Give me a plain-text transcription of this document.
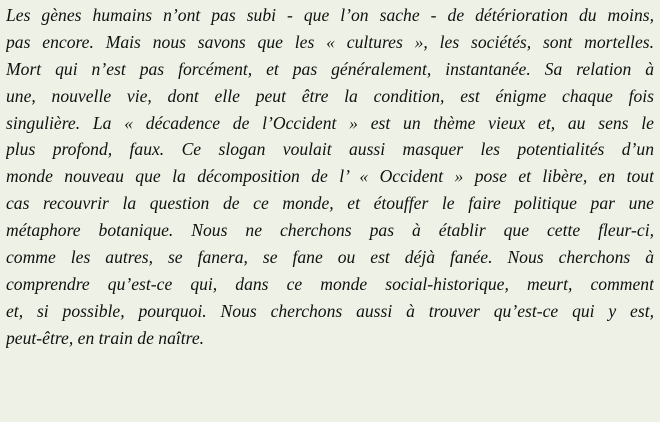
Les gènes humains n’ont pas subi - que l’on sache - de détérioration du moins,
pas encore. Mais nous savons que les « cultures », les sociétés, sont mortelles.
Mort qui n’est pas forcément, et pas généralement, instantanée. Sa relation à
une, nouvelle vie, dont elle peut être la condition, est énigme chaque fois
singulière. La « décadence de l’Occident » est un thème vieux et, au sens le
plus profond, faux. Ce slogan voulait aussi masquer les potentialités d’un
monde nouveau que la décomposition de l’ « Occident » pose et libère, en tout
cas recouvrir la question de ce monde, et étouffer le faire politique par une
métaphore botanique. Nous ne cherchons pas à établir que cette fleur-ci,
comme les autres, se fanera, se fane ou est déjà fanée. Nous cherchons à
comprendre qu’est-ce qui, dans ce monde social-historique, meurt, comment
et, si possible, pourquoi. Nous cherchons aussi à trouver qu’est-ce qui y est,
peut-être, en train de naître.
